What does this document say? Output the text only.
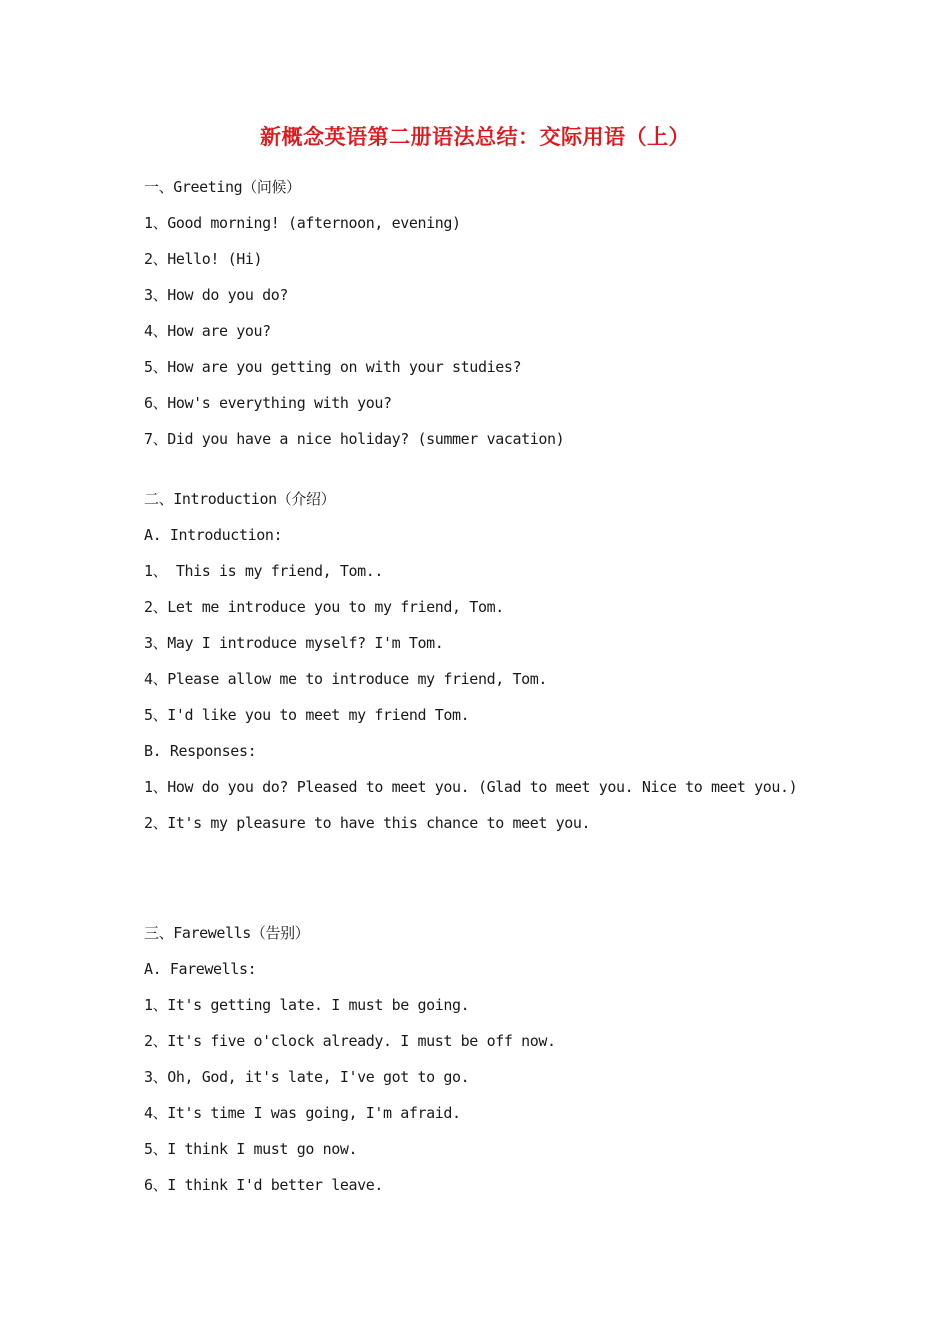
新概念英语第二册语法总结：交际用语（上）
一、Greeting（问候）
1、Good morning! (afternoon, evening)
2、Hello! (Hi)
3、How do you do?
4、How are you?
5、How are you getting on with your studies?
6、How's everything with you?
7、Did you have a nice holiday? (summer vacation)
二、Introduction（介绍）
A. Introduction:
1、 This is my friend, Tom..
2、Let me introduce you to my friend, Tom.
3、May I introduce myself? I'm Tom.
4、Please allow me to introduce my friend, Tom.
5、I'd like you to meet my friend Tom.
B. Responses:
1、How do you do? Pleased to meet you. (Glad to meet you. Nice to meet you.)
2、It's my pleasure to have this chance to meet you.
三、Farewells（告别）
A. Farewells:
1、It's getting late. I must be going.
2、It's five o'clock already. I must be off now.
3、Oh, God, it's late, I've got to go.
4、It's time I was going, I'm afraid.
5、I think I must go now.
6、I think I'd better leave.
